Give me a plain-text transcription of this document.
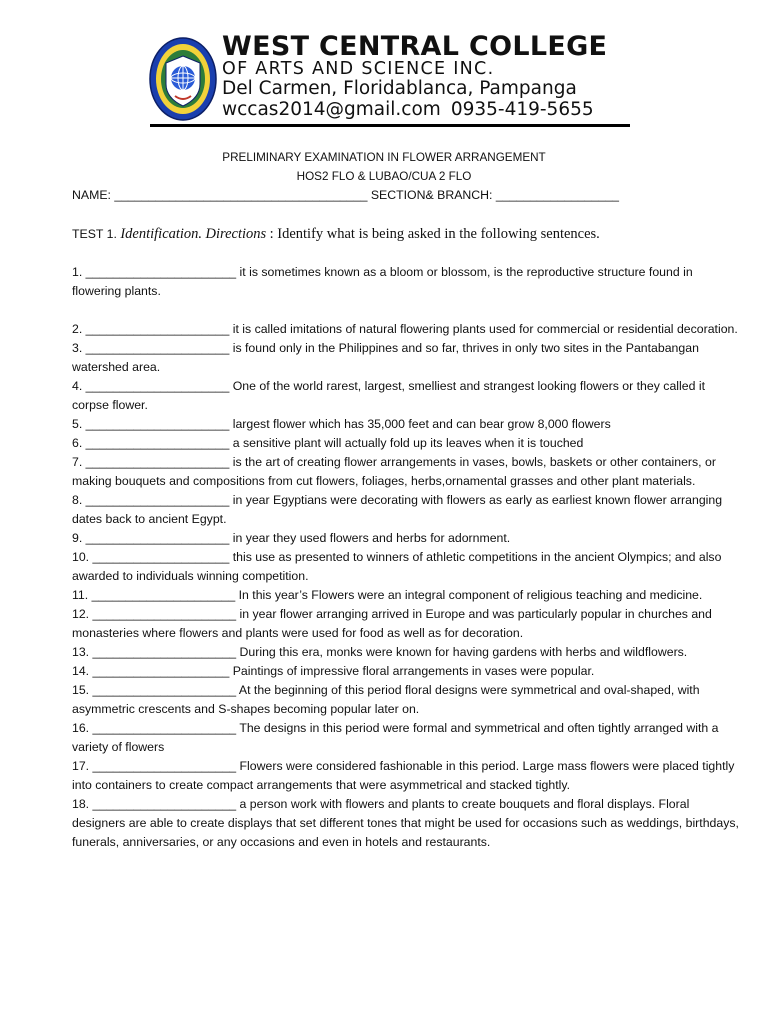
WEST CENTRAL COLLEGE
OF ARTS AND SCIENCE INC.
Del Carmen, Floridablanca, Pampanga
wccas2014@gmail.com 0935-419-5655
PRELIMINARY EXAMINATION IN FLOWER ARRANGEMENT
HOS2 FLO & LUBAO/CUA 2 FLO
NAME: _____________________________________ SECTION& BRANCH: __________________
TEST 1. Identification. Directions : Identify what is being asked in the following sentences.

1. ______________________ it is sometimes known as a bloom or blossom, is the reproductive structure found in flowering plants.

2. _____________________ it is called imitations of natural flowering plants used for commercial or residential decoration.

3. _____________________ is found only in the Philippines and so far, thrives in only two sites in the Pantabangan watershed area.

4. _____________________ One of the world rarest, largest, smelliest and strangest looking flowers or they called it corpse flower.

5. _____________________ largest flower which has 35,000 feet and can bear grow 8,000 flowers

6. _____________________ a sensitive plant will actually fold up its leaves when it is touched

7. _____________________ is the art of creating flower arrangements in vases, bowls, baskets or other containers, or making bouquets and compositions from cut flowers, foliages, herbs,ornamental grasses and other plant materials.

8. _____________________ in year Egyptians were decorating with flowers as early as earliest known flower arranging dates back to ancient Egypt.

9. _____________________ in year they used flowers and herbs for adornment.

10. ____________________ this use as presented to winners of athletic competitions in the ancient Olympics; and also awarded to individuals winning competition.

11. _____________________ In this year’s Flowers were an integral component of religious teaching and medicine.

12. _____________________ in year flower arranging arrived in Europe and was particularly popular in churches and monasteries where flowers and plants were used for food as well as for decoration.

13. _____________________ During this era, monks were known for having gardens with herbs and wildflowers.

14. ____________________ Paintings of impressive floral arrangements in vases were popular.

15. _____________________ At the beginning of this period floral designs were symmetrical and oval-shaped, with asymmetric crescents and S-shapes becoming popular later on.

16. _____________________ The designs in this period were formal and symmetrical and often tightly arranged with a variety of flowers

17. _____________________ Flowers were considered fashionable in this period. Large mass flowers were placed tightly into containers to create compact arrangements that were asymmetrical and stacked tightly.

18. _____________________ a person work with flowers and plants to create bouquets and floral displays. Floral designers are able to create displays that set different tones that might be used for occasions such as weddings, birthdays, funerals, anniversaries, or any occasions and even in hotels and restaurants.
